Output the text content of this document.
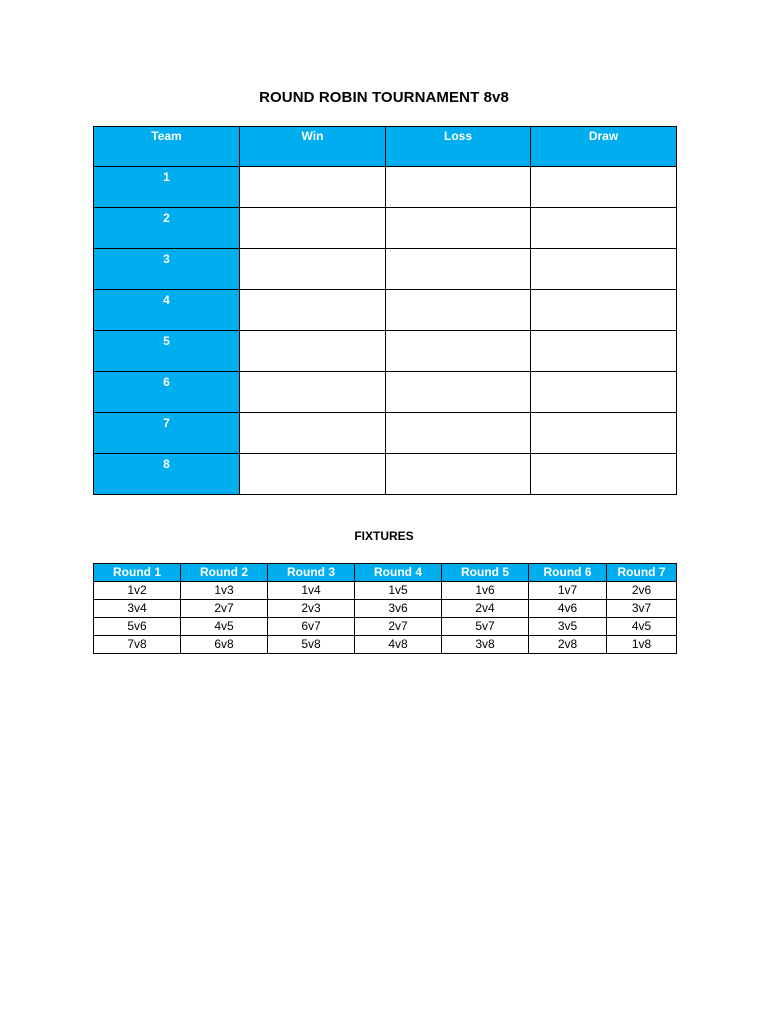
ROUND ROBIN TOURNAMENT 8v8
Team	Win	Loss	Draw
1			
2			
3			
4			
5			
6			
7			
8			
FIXTURES
Round 1	Round 2	Round 3	Round 4	Round 5	Round 6	Round 7
1v2	1v3	1v4	1v5	1v6	1v7	2v6
3v4	2v7	2v3	3v6	2v4	4v6	3v7
5v6	4v5	6v7	2v7	5v7	3v5	4v5
7v8	6v8	5v8	4v8	3v8	2v8	1v8
